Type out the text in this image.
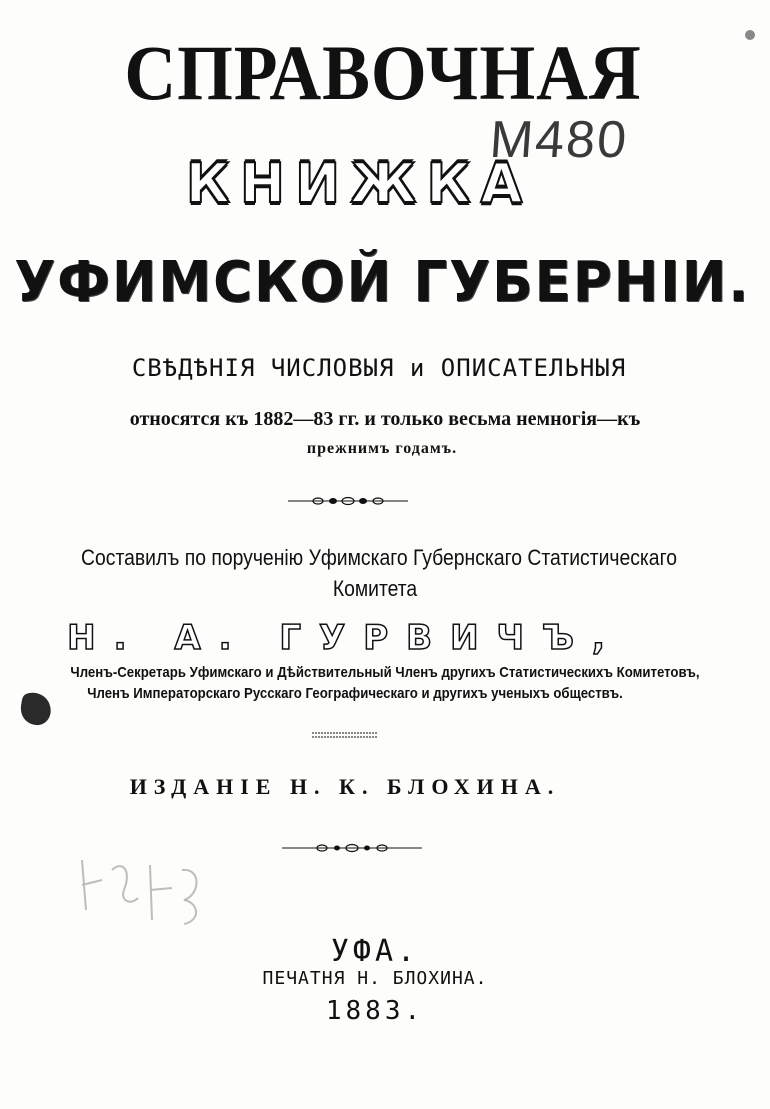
СПРАВОЧНАЯ
M480
КНИЖКА
УФИМСКОЙ ГУБЕРНІИ.
СВѢДѢНІЯ ЧИСЛОВЫЯ и ОПИСАТЕЛЬНЫЯ
относятся къ 1882—83 гг. и только весьма немногія—къ
прежнимъ годамъ.
Составилъ по порученію Уфимскаго Губернскаго Статистическаго
Комитета
Н. А. ГУРВИЧЪ,
Членъ-Секретарь Уфимскаго и Дѣйствительный Членъ другихъ Статистическихъ Комитетовъ,
Членъ Императорскаго Русскаго Географическаго и другихъ ученыхъ обществъ.
ИЗДАНІЕ Н. К. БЛОХИНА.
УФА.
ПЕЧАТНЯ Н. БЛОХИНА.
1883.
